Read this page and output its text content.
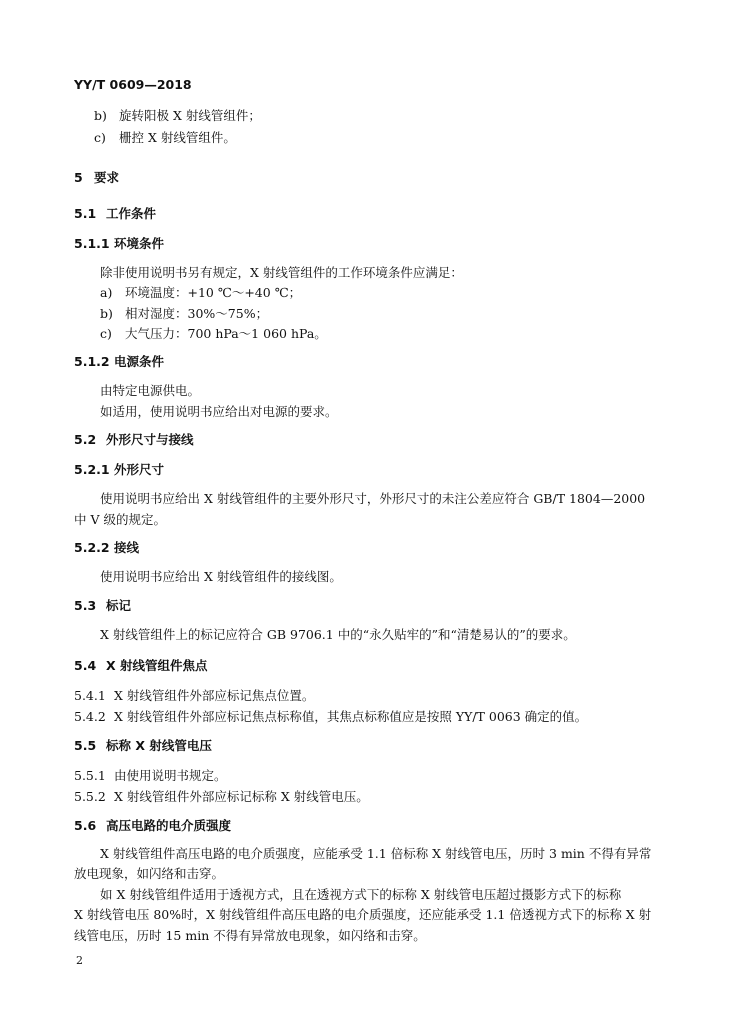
YY/T 0609—2018
b) 旋转阳极 X 射线管组件；
c) 栅控 X 射线管组件。
5 要求
5.1 工作条件
5.1.1 环境条件
除非使用说明书另有规定，X 射线管组件的工作环境条件应满足：
a) 环境温度：+10 ℃～+40 ℃；
b) 相对湿度：30%～75%；
c) 大气压力：700 hPa～1 060 hPa。
5.1.2 电源条件
由特定电源供电。
如适用，使用说明书应给出对电源的要求。
5.2 外形尺寸与接线
5.2.1 外形尺寸
使用说明书应给出 X 射线管组件的主要外形尺寸，外形尺寸的未注公差应符合 GB/T 1804—2000
中 V 级的规定。
5.2.2 接线
使用说明书应给出 X 射线管组件的接线图。
5.3 标记
X 射线管组件上的标记应符合 GB 9706.1 中的“永久贴牢的”和“清楚易认的”的要求。
5.4 X 射线管组件焦点
5.4.1 X 射线管组件外部应标记焦点位置。
5.4.2 X 射线管组件外部应标记焦点标称值，其焦点标称值应是按照 YY/T 0063 确定的值。
5.5 标称 X 射线管电压
5.5.1 由使用说明书规定。
5.5.2 X 射线管组件外部应标记标称 X 射线管电压。
5.6 高压电路的电介质强度
X 射线管组件高压电路的电介质强度，应能承受 1.1 倍标称 X 射线管电压，历时 3 min 不得有异常
放电现象，如闪络和击穿。
如 X 射线管组件适用于透视方式，且在透视方式下的标称 X 射线管电压超过摄影方式下的标称
X 射线管电压 80%时，X 射线管组件高压电路的电介质强度，还应能承受 1.1 倍透视方式下的标称 X 射
线管电压，历时 15 min 不得有异常放电现象，如闪络和击穿。
2
